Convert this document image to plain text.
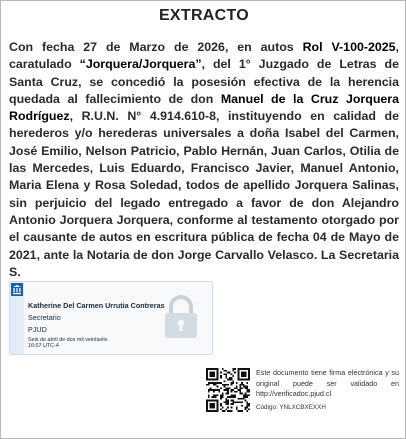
EXTRACTO
Con fecha 27 de Marzo de 2026, en autos Rol V-100-2025, caratulado “Jorquera/Jorquera”, del 1° Juzgado de Letras de Santa Cruz, se concedió la posesión efectiva de la herencia quedada al fallecimiento de don Manuel de la Cruz Jorquera Rodríguez, R.U.N. N° 4.914.610-8, instituyendo en calidad de herederos y/o herederas universales a doña Isabel del Carmen, José Emilio, Nelson Patricio, Pablo Hernán, Juan Carlos, Otilia de las Mercedes, Luis Eduardo, Francisco Javier, Manuel Antonio, Maria Elena y Rosa Soledad, todos de apellido Jorquera Salinas, sin perjuicio del legado entregado a favor de don Alejandro Antonio Jorquera Jorquera, conforme al testamento otorgado por el causante de autos en escritura pública de fecha 04 de Mayo de 2021, ante la Notaria de don Jorge Carvallo Velasco. La Secretaria S.
Katherine Del Carmen Urrutia Contreras
Secretario
PJUD
Seis de abril de dos mil veintiséis
16:07 UTC-4
Este documento tiene firma electrónica y su original puede ser validado en http://verificadoc.pjud.cl
Código: YNLXCBXEXXH
